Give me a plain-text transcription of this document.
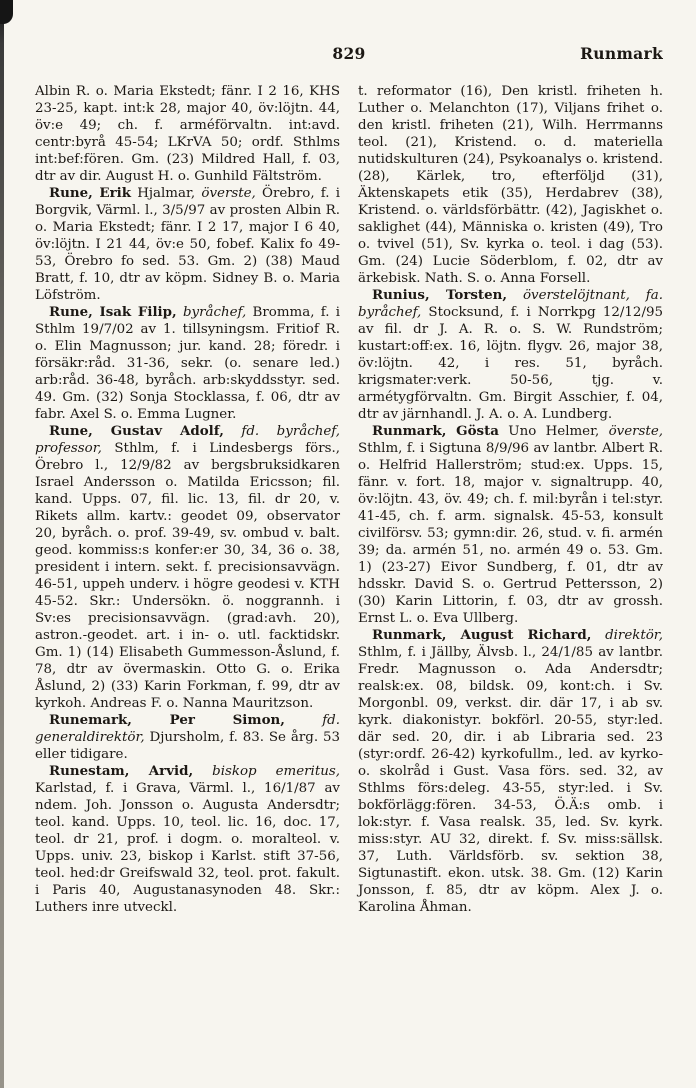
829	Runmark

Albin R. o. Maria Ekstedt; fänr. I 2 16, KHS 23-25, kapt. int:k 28, major 40, öv:löjtn. 44, öv:e 49; ch. f. arméförvaltn. int:avd. centr:byrå 45-54; LKrVA 50; ordf. Sthlms int:bef:fören. Gm. (23) Mildred Hall, f. 03, dtr av dir. August H. o. Gunhild Fältström.

Rune, Erik Hjalmar, överste, Örebro, f. i Borgvik, Värml. l., 3/5/97 av prosten Albin R. o. Maria Ekstedt; fänr. I 2 17, major I 6 40, öv:löjtn. I 21 44, öv:e 50, fobef. Kalix fo 49-53, Örebro fo sed. 53. Gm. 2) (38) Maud Bratt, f. 10, dtr av köpm. Sidney B. o. Maria Löfström.

Rune, Isak Filip, byråchef, Bromma, f. i Sthlm 19/7/02 av 1. tillsyningsm. Fritiof R. o. Elin Magnusson; jur. kand. 28; föredr. i försäkr:råd. 31-36, sekr. (o. senare led.) arb:råd. 36-48, byråch. arb:skyddsstyr. sed. 49. Gm. (32) Sonja Stocklassa, f. 06, dtr av fabr. Axel S. o. Emma Lugner.

Rune, Gustav Adolf, fd. byråchef, professor, Sthlm, f. i Lindesbergs förs., Örebro l., 12/9/82 av bergsbruksidkaren Israel Andersson o. Matilda Ericsson; fil. kand. Upps. 07, fil. lic. 13, fil. dr 20, v. Rikets allm. kartv.: geodet 09, observator 20, byråch. o. prof. 39-49, sv. ombud v. balt. geod. kommiss:s konfer:er 30, 34, 36 o. 38, president i intern. sekt. f. precisionsavvägn. 46-51, uppeh underv. i högre geodesi v. KTH 45-52. Skr.: Undersökn. ö. noggrannh. i Sv:es precisionsavvägn. (grad:avh. 20), astron.-geodet. art. i in- o. utl. facktidskr. Gm. 1) (14) Elisabeth Gummesson-Åslund, f. 78, dtr av övermaskin. Otto G. o. Erika Åslund, 2) (33) Karin Forkman, f. 99, dtr av kyrkoh. Andreas F. o. Nanna Mauritzson.

Runemark, Per Simon,	fd. generaldirektör, Djursholm, f. 83. Se årg. 53 eller tidigare.

Runestam, Arvid, biskop emeritus, Karlstad, f. i Grava, Värml. l., 16/1/87 av ndem. Joh. Jonsson o. Augusta Andersdtr; teol. kand. Upps. 10, teol. lic. 16, doc. 17, teol. dr 21, prof. i dogm. o. moralteol. v. Upps. univ. 23, biskop i Karlst. stift 37-56, teol. hed:dr Greifswald 32, teol. prot. fakult. i Paris 40, Augustanasynoden 48. Skr.: Luthers inre utveckl.

t. reformator (16), Den kristl. friheten h. Luther o. Melanchton (17), Viljans frihet o. den kristl. friheten (21), Wilh. Herrmanns teol. (21), Kristend. o. d. materiella nutidskulturen (24), Psykoanalys o. kristend. (28), Kärlek, tro, efterföljd (31), Äktenskapets etik (35), Herdabrev (38), Kristend. o. världsförbättr. (42), Jagiskhet o. saklighet (44), Människa o. kristen (49), Tro o. tvivel (51), Sv. kyrka o. teol. i dag (53). Gm. (24) Lucie Söderblom, f. 02, dtr av ärkebisk. Nath. S. o. Anna Forsell.

Runius, Torsten, överstelöjtnant, fa. byråchef, Stocksund, f. i Norrkpg 12/12/95 av fil. dr J. A. R. o. S. W. Rundström; kustart:off:ex. 16, löjtn. flygv. 26, major 38, öv:löjtn. 42, i res. 51, byråch. krigsmater:verk. 50-56, tjg. v. armétygförvaltn. Gm. Birgit Asschier, f. 04, dtr av järnhandl. J. A. o. A. Lundberg.

Runmark, Gösta Uno Helmer, överste, Sthlm, f. i Sigtuna 8/9/96 av lantbr. Albert R. o. Helfrid Hallerström; stud:ex. Upps. 15, fänr. v. fort. 18, major v. signaltrupp. 40, öv:löjtn. 43, öv. 49; ch. f. mil:byrån i tel:styr. 41-45, ch. f. arm. signalsk. 45-53, konsult civilförsv. 53; gymn:dir. 26, stud. v. fi. armén 39; da. armén 51, no. armén 49 o. 53. Gm. 1) (23-27) Eivor Sundberg, f. 01, dtr av hdsskr. David S. o. Gertrud Pettersson, 2) (30) Karin Littorin, f. 03, dtr av grossh. Ernst L. o. Eva Ullberg.

Runmark, August Richard, direktör, Sthlm, f. i Jällby, Älvsb. l., 24/1/85 av lantbr. Fredr. Magnusson o. Ada Andersdtr; realsk:ex. 08, bildsk. 09, kont:ch. i Sv. Morgonbl. 09, verkst. dir. där 17, i ab sv. kyrk. diakonistyr. bokförl. 20-55, styr:led. där sed. 20, dir. i ab Libraria sed. 23 (styr:ordf. 26-42) kyrkofullm., led. av kyrko- o. skolråd i Gust. Vasa förs. sed. 32, av Sthlms förs:deleg. 43-55, styr:led. i Sv. bokförlägg:fören. 34-53, Ö.Ä:s omb. i lok:styr. f. Vasa realsk. 35, led. Sv. kyrk. miss:styr. AU 32, direkt. f. Sv. miss:sällsk. 37, Luth. Världsförb. sv. sektion 38, Sigtunastift. ekon. utsk. 38. Gm. (12) Karin Jonsson, f. 85, dtr av köpm. Alex J. o. Karolina Åhman.
